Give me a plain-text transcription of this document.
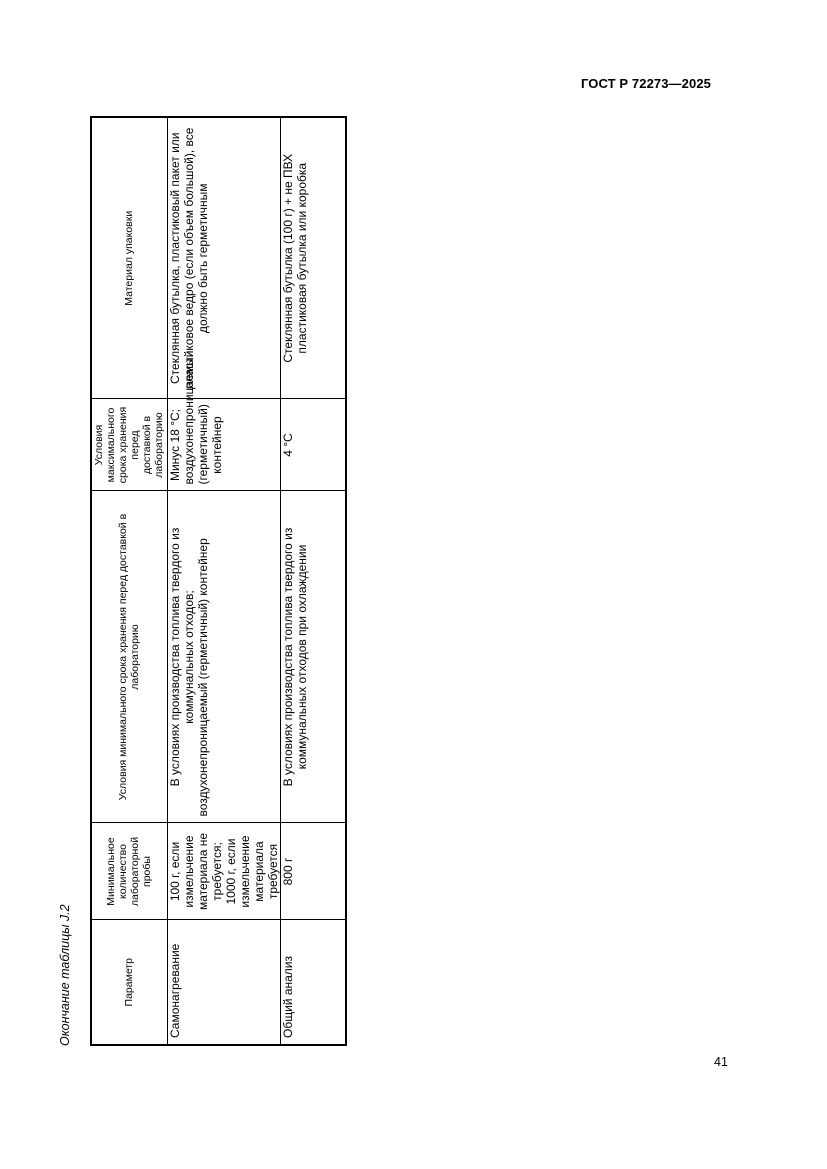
ГОСТ Р 72273—2025
Окончание таблицы J.2	Параметр	Минимальное количество лабораторной пробы	Условия минимального срока хранения перед доставкой в лабораторию	Условия максимального срока хранения перед доставкой в лабораторию	Материал упаковки
Самонагревание	100 г, если измельчение материала не требуется; 1000 г, если измельчение материала требуется	В условиях производства топлива твердого из коммунальных отходов; воздухонепроницаемый (герметичный) контейнер	Минус 18 °С; воздухонепроницаемый (герметичный) контейнер	Стеклянная бутылка, пластиковый пакет или пластиковое ведро (если объем большой), все должно быть герметичным
Общий анализ	800 г	В условиях производства топлива твердого из коммунальных отходов при охлаждении	4 °С	Стеклянная бутылка (100 г) + не ПВХ пластиковая бутылка или коробка
41
